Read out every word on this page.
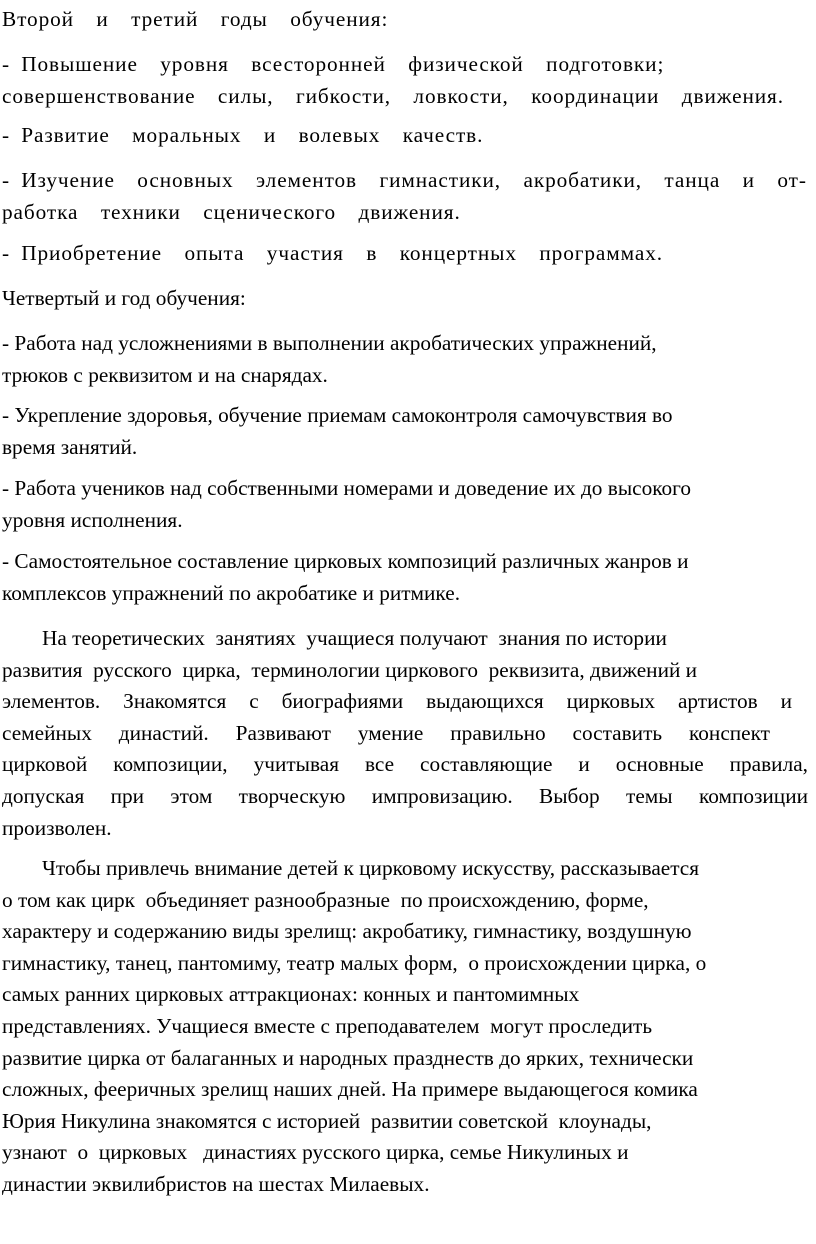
Второй  и  третий  годы  обучения:

- Повышение  уровня  всесторонней  физической  подготовки;
совершенствование  силы,  гибкости,  ловкости,  координации  движения.

- Развитие  моральных  и  волевых  качеств.

- Изучение  основных  элементов  гимнастики,  акробатики,  танца  и  от-
работка  техники  сценического  движения.

- Приобретение  опыта  участия  в  концертных  программах.

Четвертый и год обучения:

- Работа над усложнениями в выполнении акробатических упражнений,
трюков с реквизитом и на снарядах.

- Укрепление здоровья, обучение приемам самоконтроля самочувствия во
время занятий.

- Работа учеников над собственными номерами и доведение их до высокого
уровня исполнения.

- Самостоятельное составление цирковых композиций различных жанров и
комплексов упражнений по акробатике и ритмике.

На теоретических  занятиях  учащиеся получают  знания по истории
развития  русского  цирка,  терминологии циркового  реквизита, движений и
элементов. Знакомятся с биографиями выдающихся цирковых артистов и
семейных династий. Развивают умение правильно составить конспект
цирковой композиции, учитывая все составляющие и основные правила,
допуская при этом творческую импровизацию. Выбор темы композиции
произволен.

Чтобы привлечь внимание детей к цирковому искусству, рассказывается
о том как цирк  объединяет разнообразные  по происхождению, форме,
характеру и содержанию виды зрелищ: акробатику, гимнастику, воздушную
гимнастику, танец, пантомиму, театр малых форм,  о происхождении цирка, о
самых ранних цирковых аттракционах: конных и пантомимных
представлениях. Учащиеся вместе с преподавателем  могут проследить
развитие цирка от балаганных и народных празднеств до ярких, технически
сложных, фееричных зрелищ наших дней. На примере выдающегося комика
Юрия Никулина знакомятся с историей  развитии советской  клоунады,
узнают  о  цирковых   династиях русского цирка, семье Никулиных и
династии эквилибристов на шестах Милаевых.
